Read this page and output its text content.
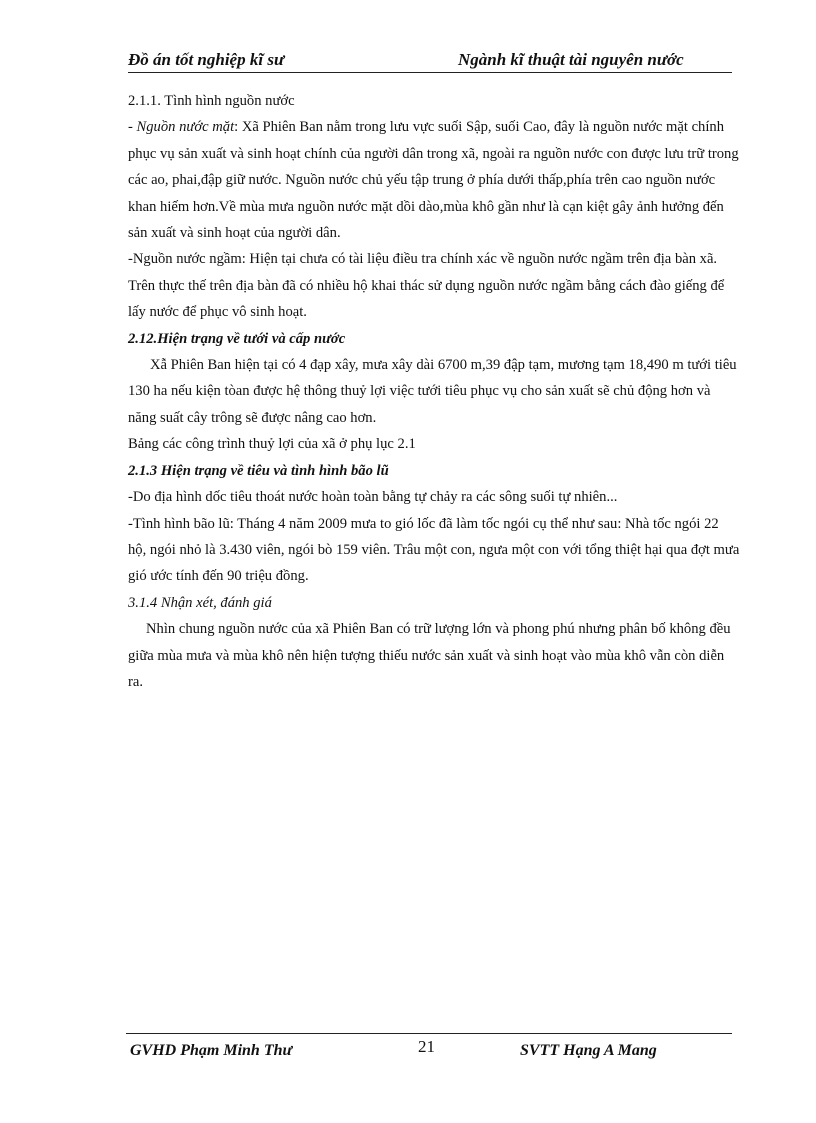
Đồ án tốt nghiệp kĩ sư	Ngành kĩ thuật tài nguyên nước

2.1.1. Tình hình nguồn nước

- Nguồn nước mặt: Xã Phiên Ban nằm trong lưu vực suối Sập, suối Cao, đây là nguồn nước mặt chính phục vụ sản xuất và sinh hoạt chính của người dân trong xã, ngoài ra nguồn nước con được lưu trữ trong các ao, phai,đập giữ nước. Nguồn nước chủ yếu tập trung ở phía dưới thấp,phía trên cao nguồn nước khan hiếm hơn.Về mùa mưa nguồn nước mặt dồi dào,mùa khô gần như là cạn kiệt gây ảnh hưởng đến sản xuất và sinh hoạt của người dân.

-Nguồn nước ngầm: Hiện tại chưa có tài liệu điều tra chính xác về nguồn nước ngầm trên địa bàn xã. Trên thực thế trên địa bàn đã có nhiều hộ khai thác sử dụng nguồn nước ngầm bằng cách đào giếng để lấy nước để phục vô sinh hoạt.

2.12.Hiện trạng về tưới và cấp nước

Xẫ Phiên Ban hiện tại có 4 đạp xây, mưa xây dài 6700 m,39 đập tạm, mương tạm 18,490 m tưới tiêu 130 ha nếu kiện tòan được hệ thông thuỷ lợi việc tưới tiêu phục vụ cho sản xuất sẽ chủ động hơn và năng suất cây trông sẽ được nâng cao hơn.

Bảng các công trình thuỷ lợi của xã ở phụ lục 2.1

2.1.3 Hiện trạng về tiêu và tình hình bão lũ

-Do địa hình dốc tiêu thoát nước hoàn toàn bằng tự chảy ra các sông suối tự nhiên...

-Tình hình bão lũ: Tháng 4 năm 2009 mưa to gió lốc đã làm tốc ngói cụ thể như sau: Nhà tốc ngói 22 hộ, ngói nhỏ là 3.430 viên, ngói bò 159 viên. Trâu một con, ngưa một con với tổng thiệt hại qua đợt mưa gió ước tính đến 90 triệu đồng.

3.1.4 Nhận xét, đánh giá

Nhìn chung nguồn nước của xã Phiên Ban có trữ lượng lớn và phong phú nhưng phân bố không đều giữa mùa mưa và mùa khô nên hiện tượng thiếu nước sản xuất và sinh hoạt vào mùa khô vẫn còn diễn ra.

GVHD Phạm Minh Thư	21	SVTT Hạng A Mang
